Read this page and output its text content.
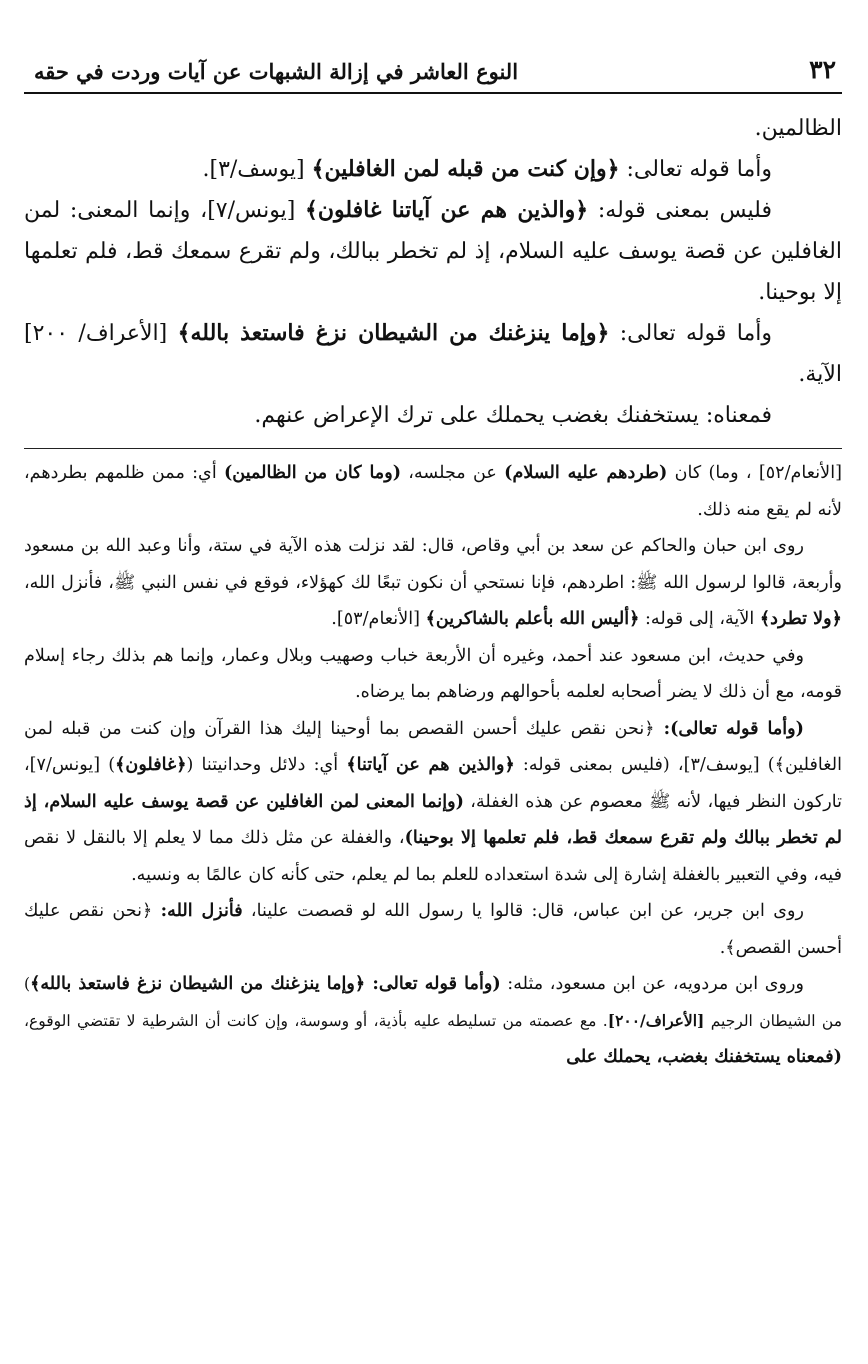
٣٢
النوع العاشر في إزالة الشبهات عن آيات وردت في حقه

الظالمين.

وأما قوله تعالى: ﴿وإن كنت من قبله لمن الغافلين﴾ [يوسف/٣].

فليس بمعنى قوله: ﴿والذين هم عن آياتنا غافلون﴾ [يونس/٧]، وإنما المعنى: لمن الغافلين عن قصة يوسف عليه السلام، إذ لم تخطر ببالك، ولم تقرع سمعك قط، فلم تعلمها إلا بوحينا.

وأما قوله تعالى: ﴿وإما ينزغنك من الشيطان نزغ فاستعذ بالله﴾ [الأعراف/ ٢٠٠] الآية.

فمعناه: يستخفنك بغضب يحملك على ترك الإعراض عنهم.

[الأنعام/٥٢] ، وما) كان (طردهم عليه السلام) عن مجلسه، (وما كان من الظالمين) أي: ممن ظلمهم بطردهم، لأنه لم يقع منه ذلك.

روى ابن حبان والحاكم عن سعد بن أبي وقاص، قال: لقد نزلت هذه الآية في ستة، وأنا وعبد الله بن مسعود وأربعة، قالوا لرسول الله ﷺ: اطردهم، فإنا نستحي أن نكون تبعًا لك كهؤلاء، فوقع في نفس النبي ﷺ، فأنزل الله، ﴿ولا تطرد﴾ الآية، إلى قوله: ﴿أليس الله بأعلم بالشاكرين﴾ [الأنعام/٥٣].

وفي حديث، ابن مسعود عند أحمد، وغيره أن الأربعة خباب وصهيب وبلال وعمار، وإنما هم بذلك رجاء إسلام قومه، مع أن ذلك لا يضر أصحابه لعلمه بأحوالهم ورضاهم بما يرضاه.

(وأما قوله تعالى): ﴿نحن نقص عليك أحسن القصص بما أوحينا إليك هذا القرآن وإن كنت من قبله لمن الغافلين﴾) [يوسف/٣]، (فليس بمعنى قوله: ﴿والذين هم عن آياتنا﴾ أي: دلائل وحدانيتنا (﴿غافلون﴾) [يونس/٧]، تاركون النظر فيها، لأنه ﷺ معصوم عن هذه الغفلة، (وإنما المعنى لمن الغافلين عن قصة يوسف عليه السلام، إذ لم تخطر ببالك ولم تقرع سمعك قط، فلم تعلمها إلا بوحينا)، والغفلة عن مثل ذلك مما لا يعلم إلا بالنقل لا نقص فيه، وفي التعبير بالغفلة إشارة إلى شدة استعداده للعلم بما لم يعلم، حتى كأنه كان عالمًا به ونسيه.

روى ابن جرير، عن ابن عباس، قال: قالوا يا رسول الله لو قصصت علينا، فأنزل الله: ﴿نحن نقص عليك أحسن القصص﴾.

وروى ابن مردويه، عن ابن مسعود، مثله: (وأما قوله تعالى: ﴿وإما ينزغنك من الشيطان نزغ فاستعذ بالله﴾) من الشيطان الرجيم [الأعراف/٢٠٠]. مع عصمته من تسليطه عليه بأذية، أو وسوسة، وإن كانت أن الشرطية لا تقتضي الوقوع، (فمعناه يستخفنك بغضب، يحملك على
